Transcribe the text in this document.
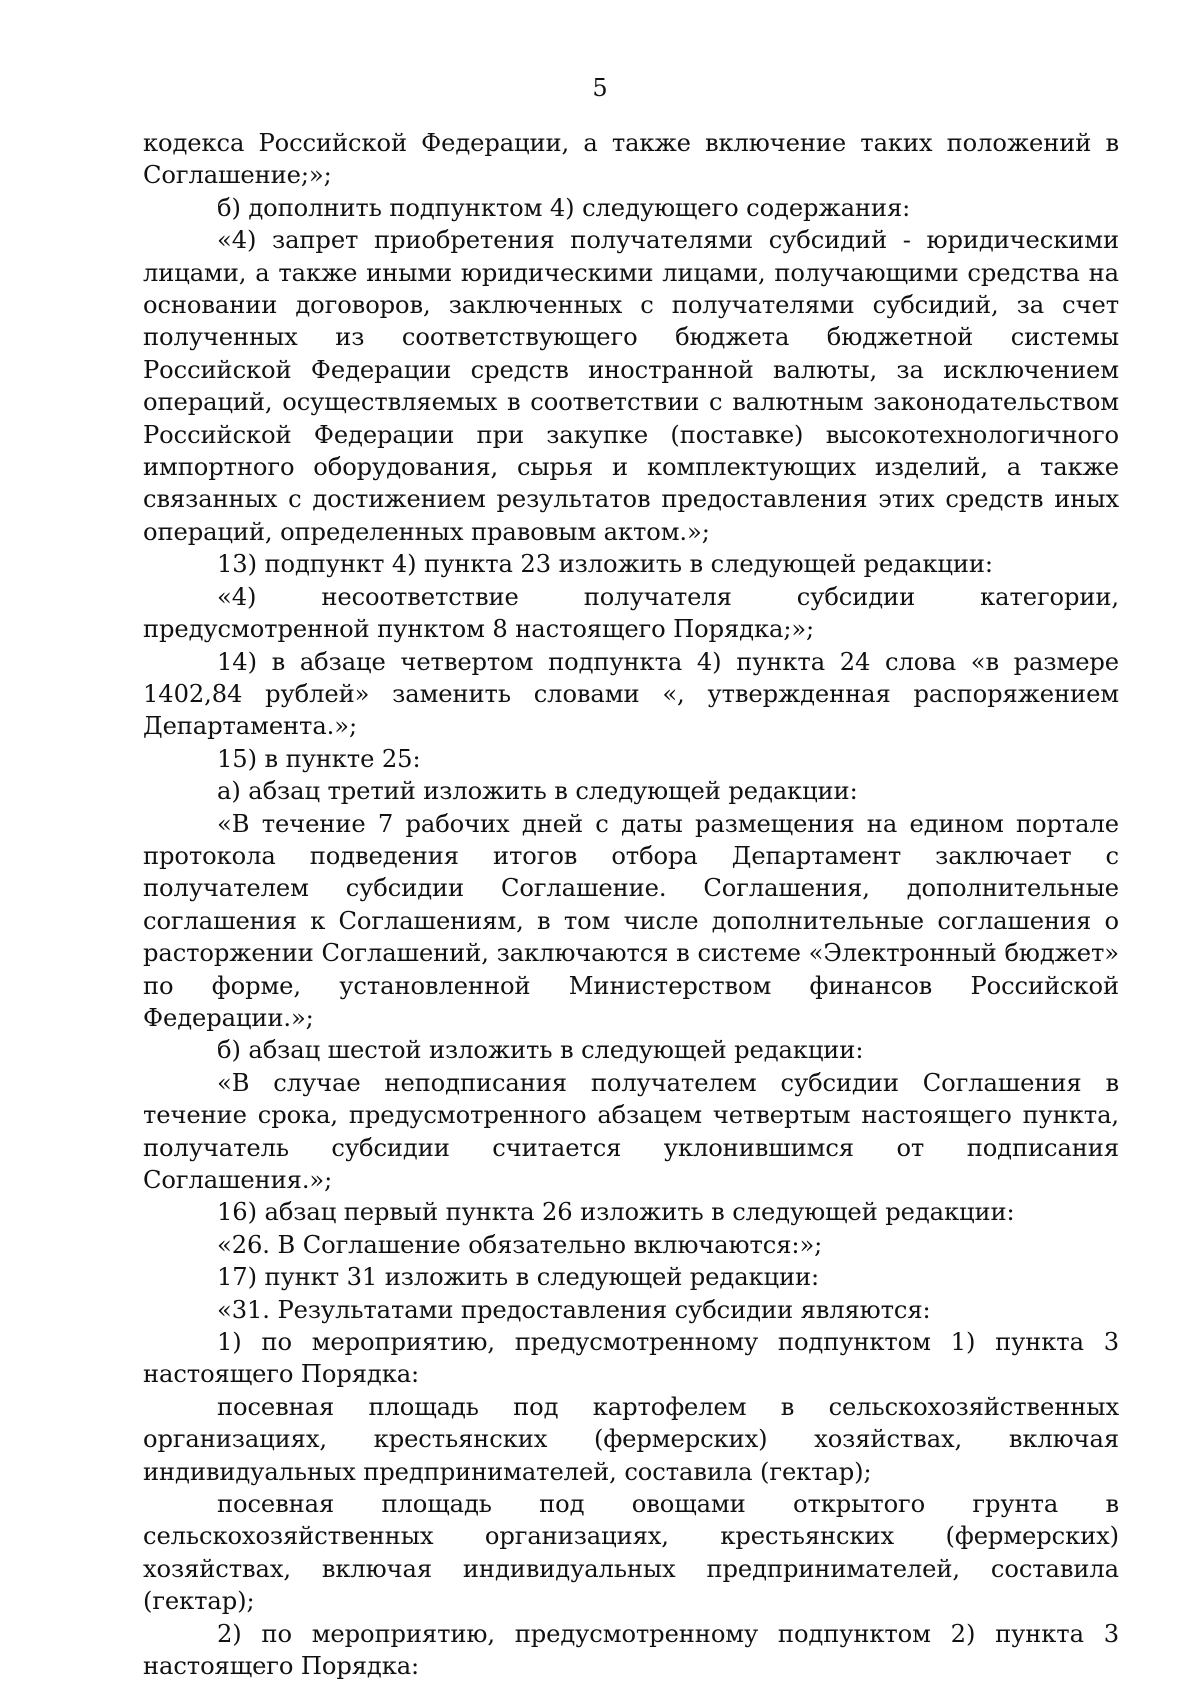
5

кодекса Российской Федерации, а также включение таких положений в Соглашение;»;

б) дополнить подпунктом 4) следующего содержания:

«4) запрет приобретения получателями субсидий - юридическими лицами, а также иными юридическими лицами, получающими средства на основании договоров, заключенных с получателями субсидий, за счет полученных из соответствующего бюджета бюджетной системы Российской Федерации средств иностранной валюты, за исключением операций, осуществляемых в соответствии с валютным законодательством Российской Федерации при закупке (поставке) высокотехнологичного импортного оборудования, сырья и комплектующих изделий, а также связанных с достижением результатов предоставления этих средств иных операций, определенных правовым актом.»;

13) подпункт 4) пункта 23 изложить в следующей редакции:

«4) несоответствие получателя субсидии категории, предусмотренной пунктом 8 настоящего Порядка;»;

14) в абзаце четвертом подпункта 4) пункта 24 слова «в размере 1402,84 рублей» заменить словами «, утвержденная распоряжением Департамента.»;

15) в пункте 25:

а) абзац третий изложить в следующей редакции:

«В течение 7 рабочих дней с даты размещения на едином портале протокола подведения итогов отбора Департамент заключает с получателем субсидии Соглашение. Соглашения, дополнительные соглашения к Соглашениям, в том числе дополнительные соглашения о расторжении Соглашений, заключаются в системе «Электронный бюджет» по форме, установленной Министерством финансов Российской Федерации.»;

б) абзац шестой изложить в следующей редакции:

«В случае неподписания получателем субсидии Соглашения в течение срока, предусмотренного абзацем четвертым настоящего пункта, получатель субсидии считается уклонившимся от подписания Соглашения.»;

16) абзац первый пункта 26 изложить в следующей редакции:

«26. В Соглашение обязательно включаются:»;

17) пункт 31 изложить в следующей редакции:

«31. Результатами предоставления субсидии являются:

1) по мероприятию, предусмотренному подпунктом 1) пункта 3 настоящего Порядка:

посевная площадь под картофелем в сельскохозяйственных организациях, крестьянских (фермерских) хозяйствах, включая индивидуальных предпринимателей, составила (гектар);

посевная площадь под овощами открытого грунта в сельскохозяйственных организациях, крестьянских (фермерских) хозяйствах, включая индивидуальных предпринимателей, составила (гектар);

2) по мероприятию, предусмотренному подпунктом 2) пункта 3 настоящего Порядка:
